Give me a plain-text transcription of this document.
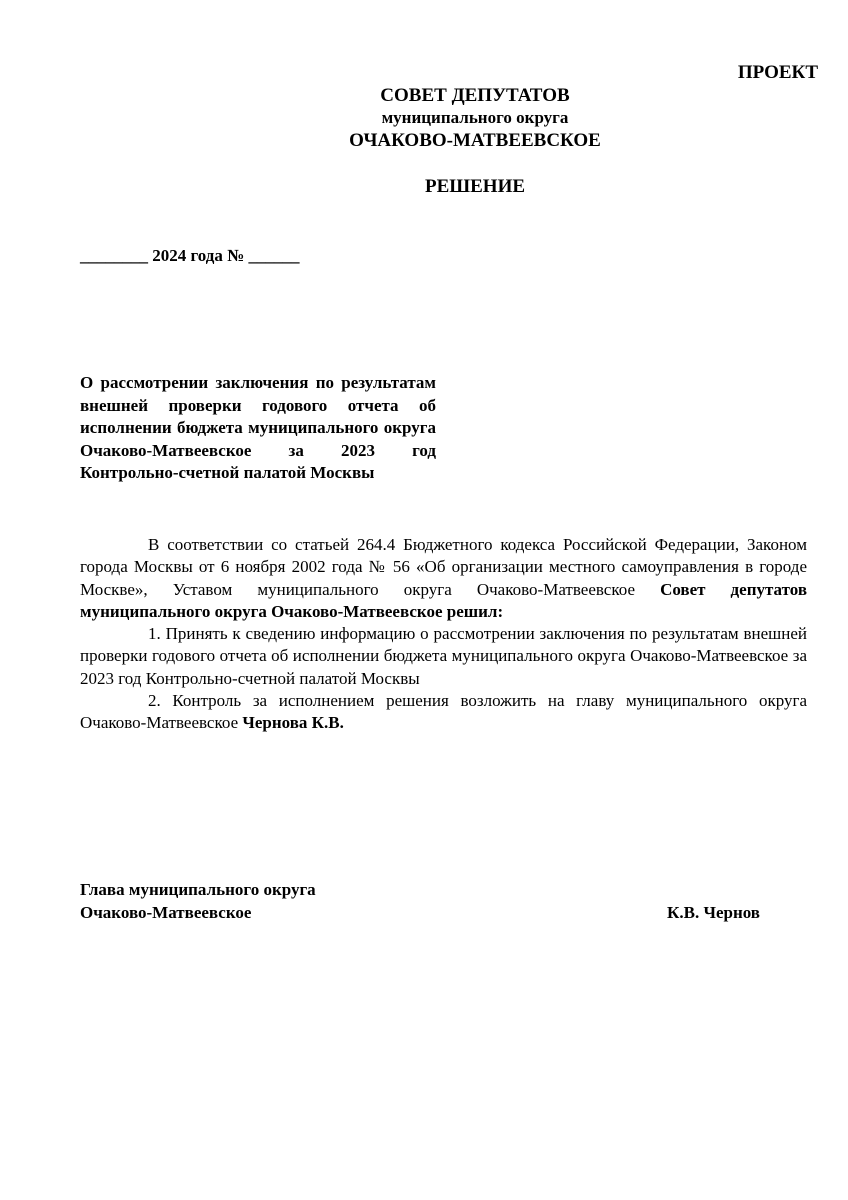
ПРОЕКТ
СОВЕТ ДЕПУТАТОВ
муниципального округа
ОЧАКОВО-МАТВЕЕВСКОЕ
РЕШЕНИЕ
________ 2024 года № ______
О рассмотрении заключения по результатам внешней проверки годового отчета об исполнении бюджета муниципального округа Очаково-Матвеевское за 2023 год Контрольно-счетной палатой Москвы

В соответствии со статьей 264.4 Бюджетного кодекса Российской Федерации, Законом города Москвы от 6 ноября 2002 года № 56 «Об организации местного самоуправления в городе Москве», Уставом муниципального округа Очаково-Матвеевское Совет депутатов муниципального округа Очаково-Матвеевское решил:

1. Принять к сведению информацию о рассмотрении заключения по результатам внешней проверки годового отчета об исполнении бюджета муниципального округа Очаково-Матвеевское за 2023 год Контрольно-счетной палатой Москвы

2. Контроль за исполнением решения возложить на главу муниципального округа Очаково-Матвеевское Чернова К.В.

Глава муниципального округа
Очаково-Матвеевское	К.В. Чернов
